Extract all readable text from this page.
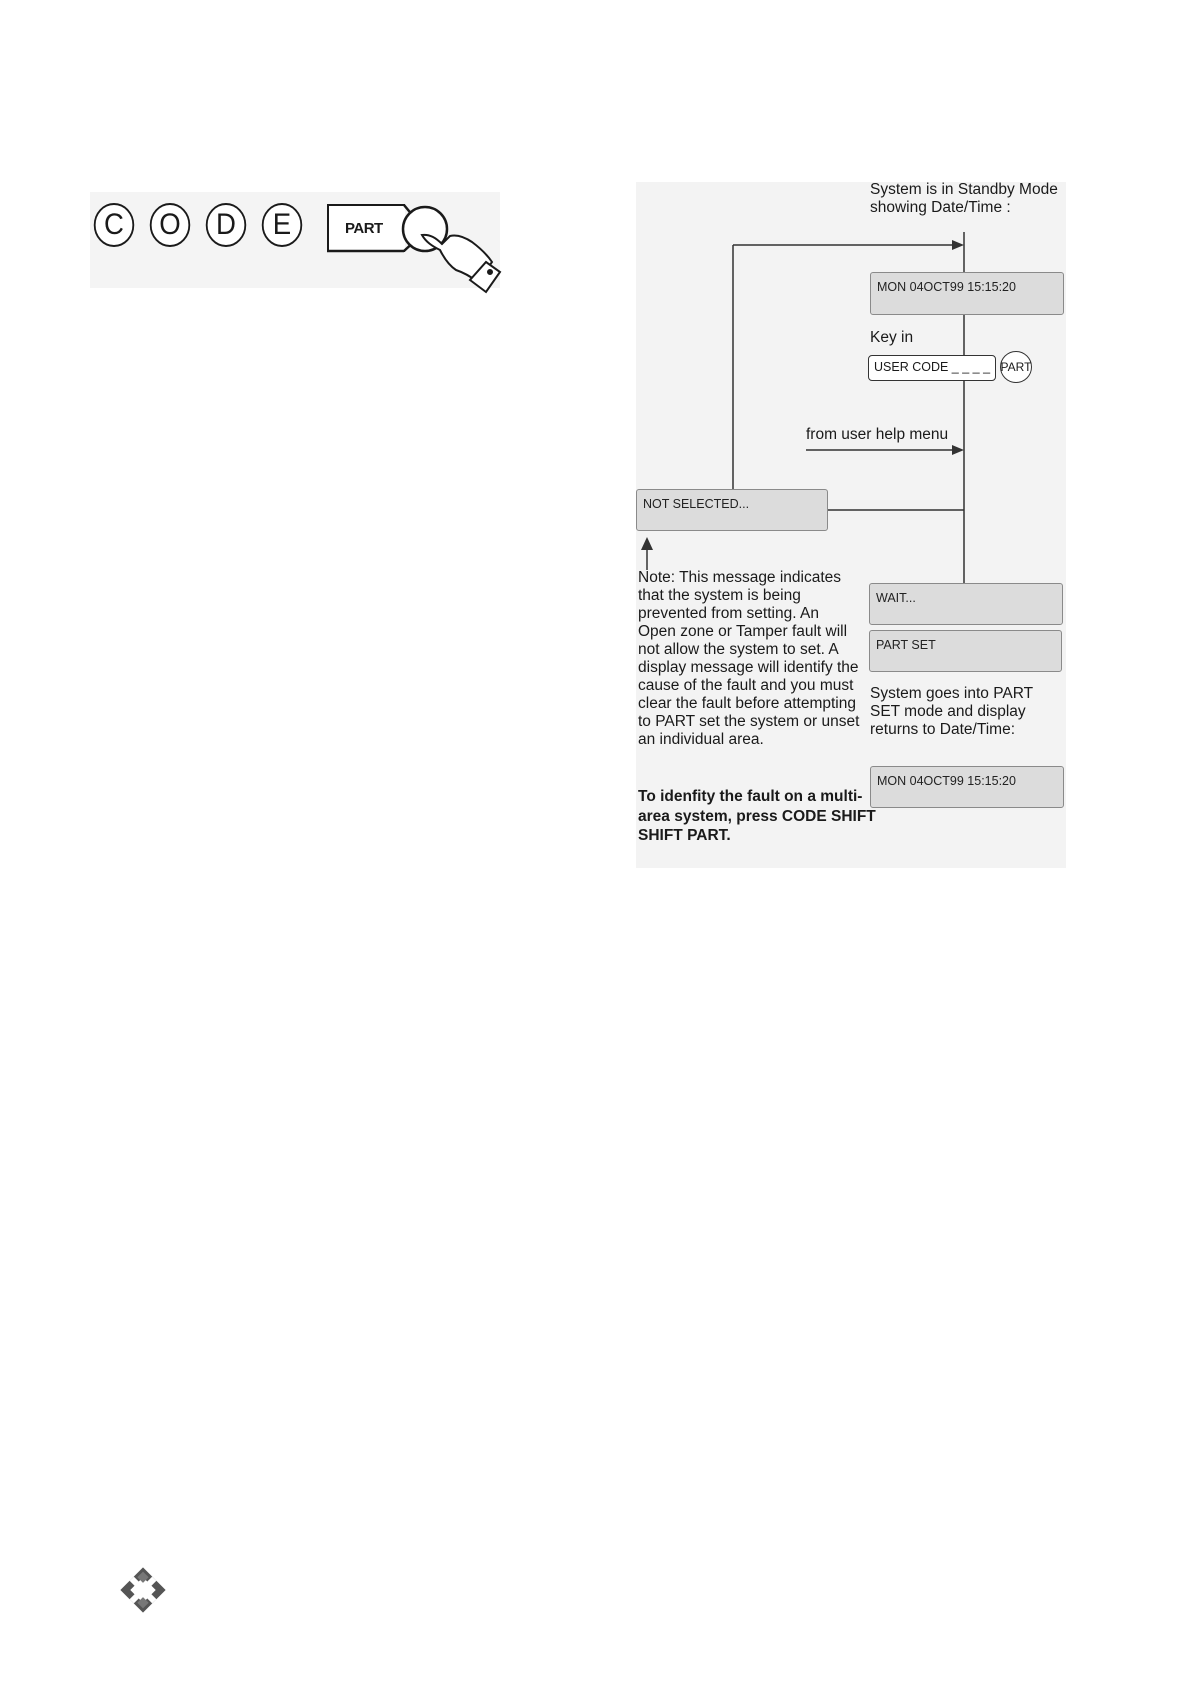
C O D E	PART
System is in Standby Mode showing Date/Time :
MON 04OCT99 15:15:20
Key in
USER CODE _ _ _ _ PART
from user help menu
NOT SELECTED...
Note: This message indicates that the system is being prevented from setting. An Open zone or Tamper fault will not allow the system to set. A display message will identify the cause of the fault and you must clear the fault before attempting to PART set the system or unset an individual area.
To idenfity the fault on a multi-area system, press CODE SHIFT SHIFT PART.
WAIT...
PART SET
System goes into PART SET mode and display returns to Date/Time:
MON 04OCT99 15:15:20
